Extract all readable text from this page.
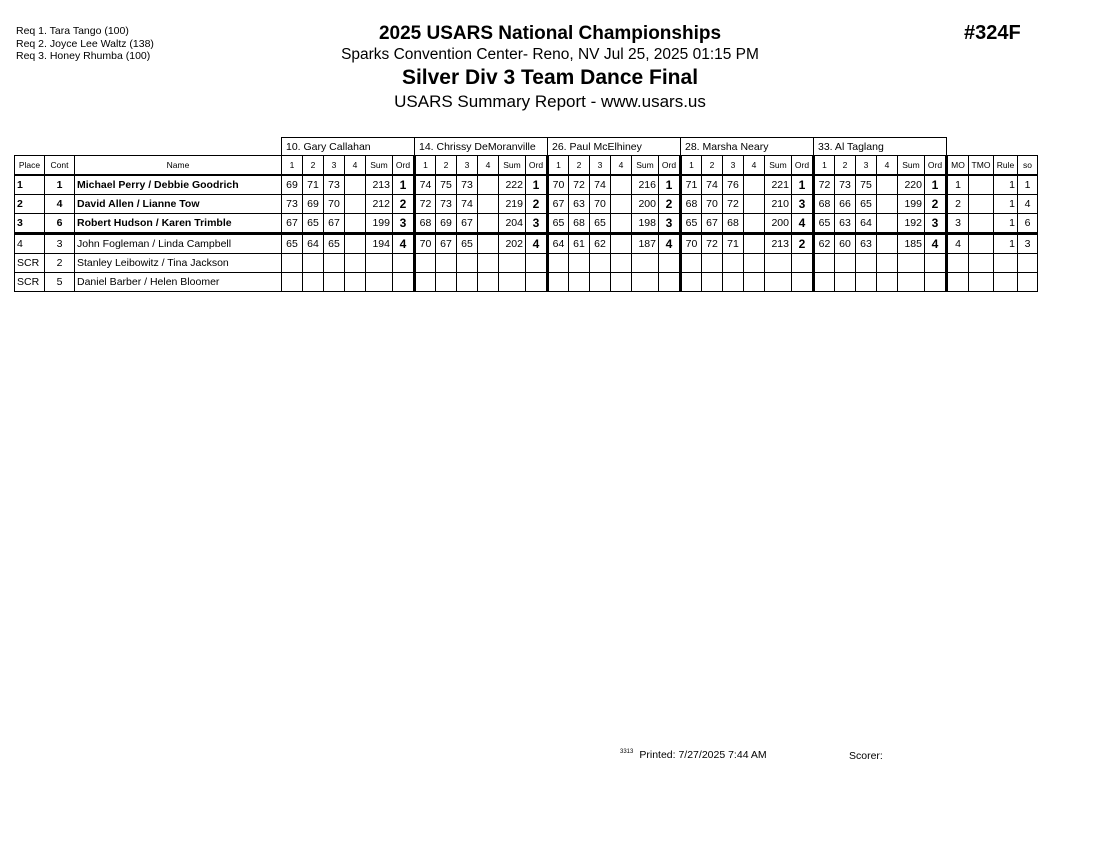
Req 1. Tara Tango (100)
Req 2. Joyce Lee Waltz (138)
Req 3. Honey Rhumba (100)
2025 USARS National Championships
Sparks Convention Center- Reno, NV Jul 25, 2025 01:15 PM
Silver Div 3 Team Dance Final
USARS Summary Report - www.usars.us
#324F
			10. Gary Callahan						14. Chrissy DeMoranville						26. Paul McElhiney						28. Marsha Neary						33. Al Taglang									
Place	Cont	Name	1	2	3	4	Sum	Ord	1	2	3	4	Sum	Ord	1	2	3	4	Sum	Ord	1	2	3	4	Sum	Ord	1	2	3	4	Sum	Ord	MO	TMO	Rule	so
1	1	Michael Perry / Debbie Goodrich	69	71	73		213	1	74	75	73		222	1	70	72	74		216	1	71	74	76		221	1	72	73	75		220	1	1		1	1
2	4	David Allen / Lianne Tow	73	69	70		212	2	72	73	74		219	2	67	63	70		200	2	68	70	72		210	3	68	66	65		199	2	2		1	4
3	6	Robert Hudson / Karen Trimble	67	65	67		199	3	68	69	67		204	3	65	68	65		198	3	65	67	68		200	4	65	63	64		192	3	3		1	6
4	3	John Fogleman / Linda Campbell	65	64	65		194	4	70	67	65		202	4	64	61	62		187	4	70	72	71		213	2	62	60	63		185	4	4		1	3
SCR	2	Stanley Leibowitz / Tina Jackson																																		
SCR	5	Daniel Barber / Helen Bloomer																																		
$^{3313}$ Printed: 7/27/2025 7:44 AM	Scorer:
